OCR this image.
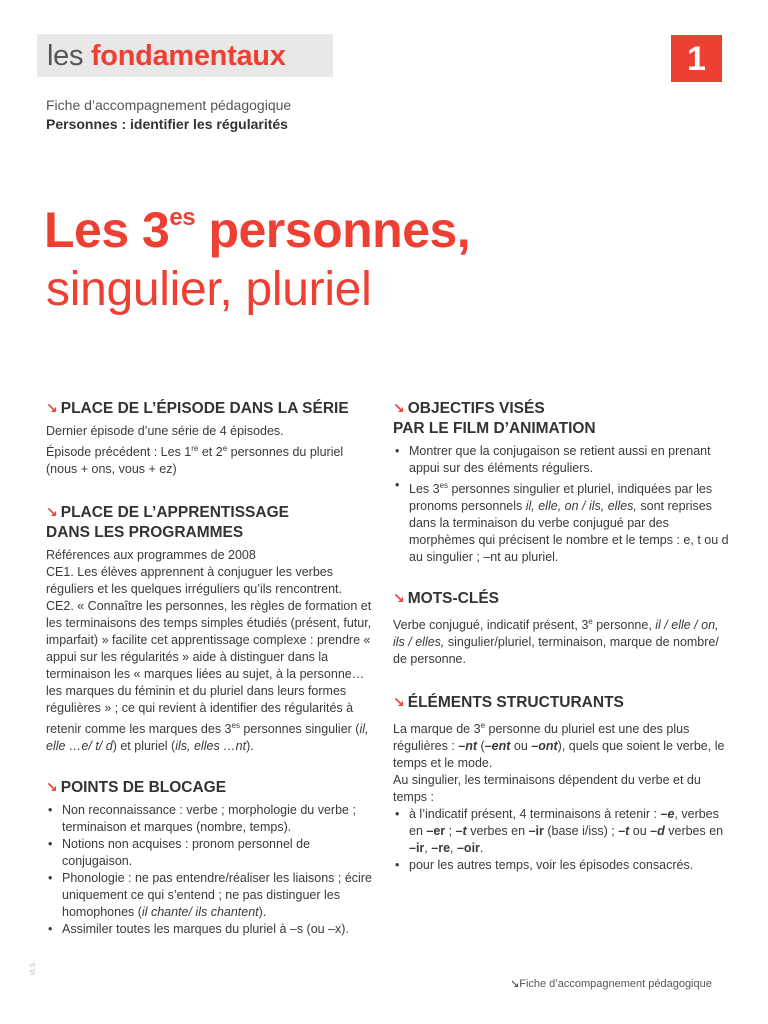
les fondamentaux	1
Fiche d’accompagnement pédagogique
Personnes : identifier les régularités
Les $3^{es}$ personnes,
singulier, pluriel
↘ PLACE DE L’ÉPISODE DANS LA SÉRIE

Dernier épisode d’une série de 4 épisodes.

Épisode précédent : Les 1re et 2e personnes du pluriel

(nous + ons, vous + ez)

↘ PLACE DE L’APPRENTISSAGE
DANS LES PROGRAMMES

Références aux programmes de 2008

CE1. Les élèves apprennent à conjuguer les verbes réguliers et les quelques irréguliers qu’ils rencontrent.

CE2. « Connaître les personnes, les règles de formation et les terminaisons des temps simples étudiés (présent, futur, imparfait) » facilite cet apprentissage complexe : prendre « appui sur les régularités » aide à distinguer dans la terminaison les « marques liées au sujet, à la personne… les marques du féminin et du pluriel dans leurs formes régulières » ; ce qui revient à identifier des régularités à retenir comme les marques des $3^{es}$ personnes singulier (il, elle …e/ t/ d) et pluriel (ils, elles …nt).

↘ POINTS DE BLOCAGE
• Non reconnaissance : verbe ; morphologie du verbe ; terminaison et marques (nombre, temps).
• Notions non acquises : pronom personnel de conjugaison.
• Phonologie : ne pas entendre/réaliser les liaisons ; écire uniquement ce qui s’entend ; ne pas distinguer les homophones (il chante/ ils chantent).
• Assimiler toutes les marques du pluriel à –s (ou –x).
↘ OBJECTIFS VISÉS
PAR LE FILM D’ANIMATION
• Montrer que la conjugaison se retient aussi en prenant appui sur des éléments réguliers.
• Les $3^{es}$ personnes singulier et pluriel, indiquées par les pronoms personnels il, elle, on / ils, elles, sont reprises dans la terminaison du verbe conjugué par des morphèmes qui précisent le nombre et le temps : e, t ou d au singulier ; –nt au pluriel.
↘ MOTS-CLÉS

Verbe conjugué, indicatif présent, 3e personne, il / elle / on, ils / elles, singulier/pluriel, terminaison, marque de nombre/ de personne.

↘ ÉLÉMENTS STRUCTURANTS

La marque de 3e personne du pluriel est une des plus régulières : –nt (–ent ou –ont), quels que soient le verbe, le temps et le mode.

Au singulier, les terminaisons dépendent du verbe et du temps :

• à l’indicatif présent, 4 terminaisons à retenir : –e, verbes en –er ; –t verbes en –ir (base i/iss) ; –t ou –d verbes en –ir, –re, –oir.
• pour les autres temps, voir les épisodes consacrés.
I/LS
↘Fiche d’accompagnement pédagogique
